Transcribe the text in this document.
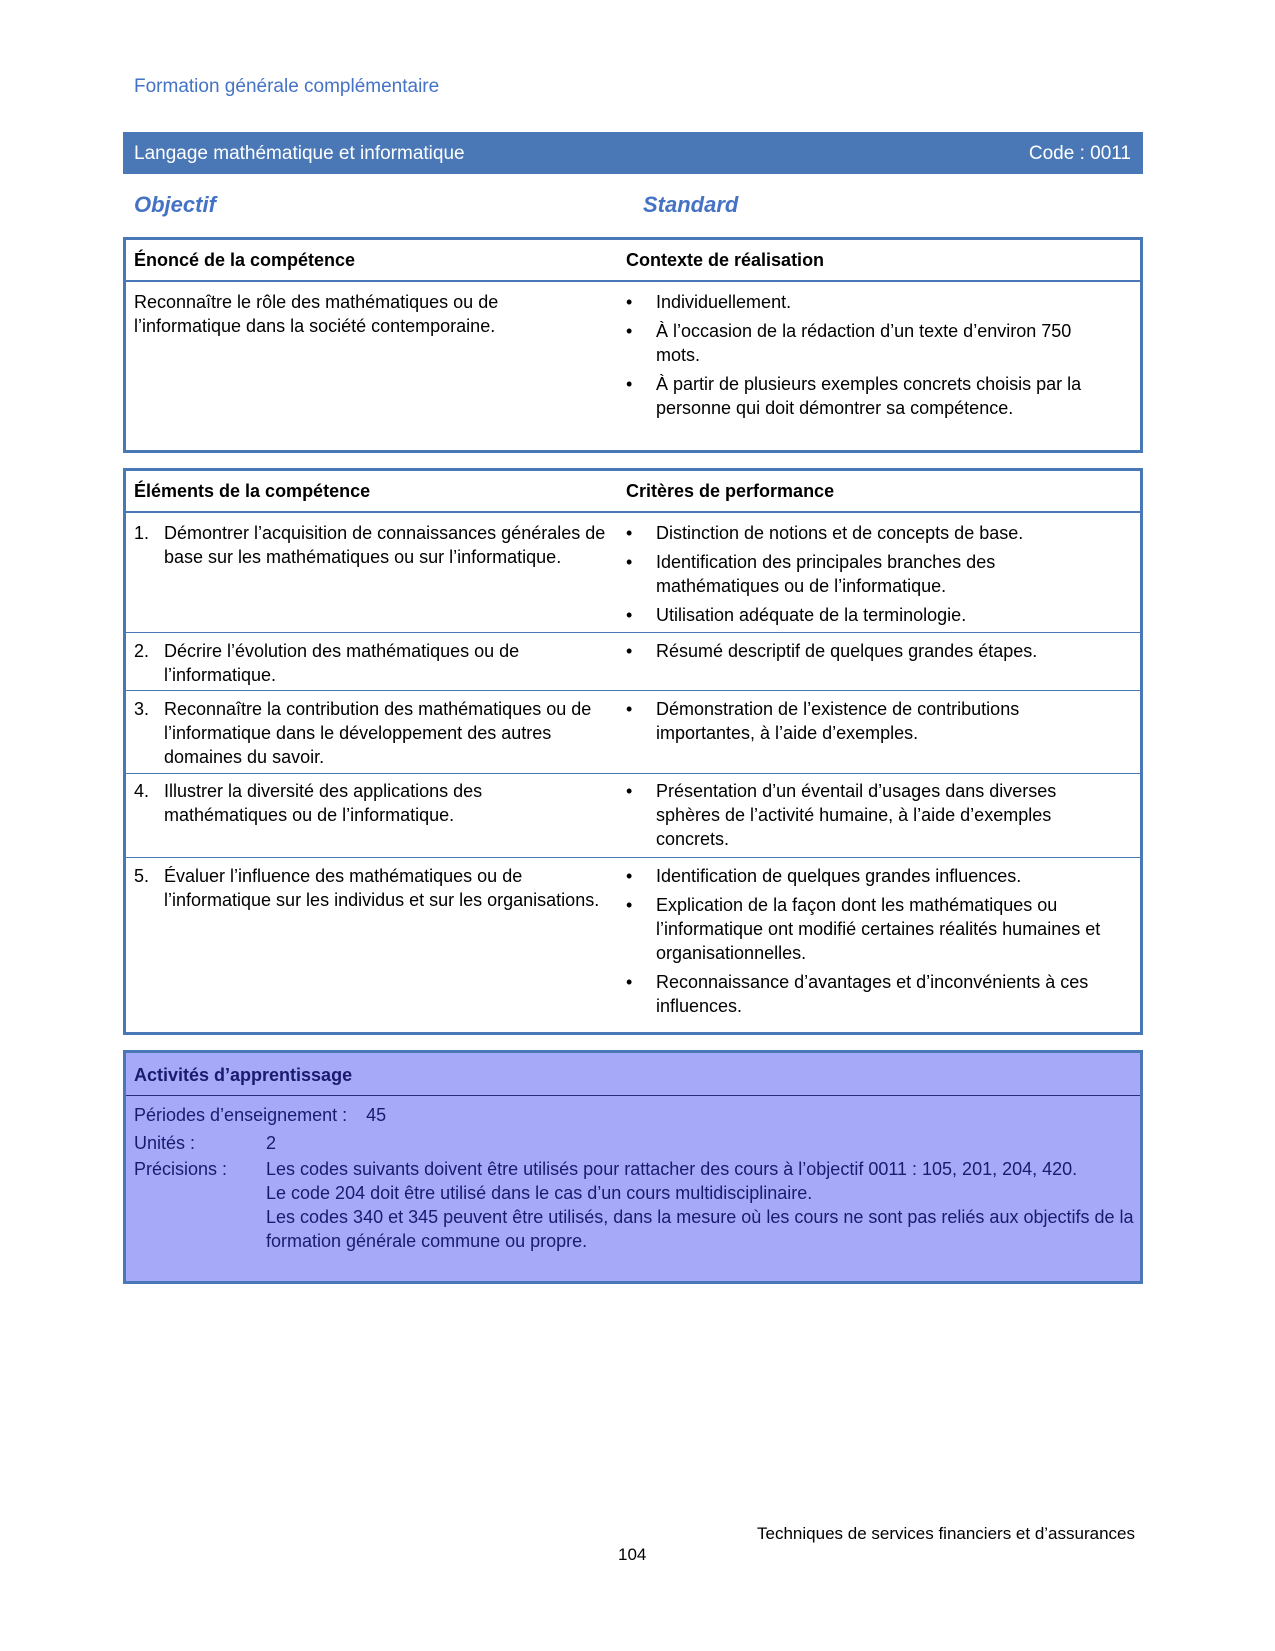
Formation générale complémentaire
Langage mathématique et informatique	Code : 0011
Objectif	Standard
Énoncé de la compétence	Contexte de réalisation
Reconnaître le rôle des mathématiques ou de l’informatique dans la société contemporaine.
• Individuellement.
• À l’occasion de la rédaction d’un texte d’environ 750 mots.
• À partir de plusieurs exemples concrets choisis par la personne qui doit démontrer sa compétence.
Éléments de la compétence	Critères de performance
1. Démontrer l’acquisition de connaissances générales de base sur les mathématiques ou sur l’informatique.
• Distinction de notions et de concepts de base.
• Identification des principales branches des mathématiques ou de l’informatique.
• Utilisation adéquate de la terminologie.
2. Décrire l’évolution des mathématiques ou de l’informatique.
• Résumé descriptif de quelques grandes étapes.
3. Reconnaître la contribution des mathématiques ou de l’informatique dans le développement des autres domaines du savoir.
• Démonstration de l’existence de contributions importantes, à l’aide d’exemples.
4. Illustrer la diversité des applications des mathématiques ou de l’informatique.
• Présentation d’un éventail d’usages dans diverses sphères de l’activité humaine, à l’aide d’exemples concrets.
5. Évaluer l’influence des mathématiques ou de l’informatique sur les individus et sur les organisations.
• Identification de quelques grandes influences.
• Explication de la façon dont les mathématiques ou l’informatique ont modifié certaines réalités humaines et organisationnelles.
• Reconnaissance d’avantages et d’inconvénients à ces influences.
Activités d’apprentissage
Périodes d’enseignement : 45
Unités :	2
Précisions : Les codes suivants doivent être utilisés pour rattacher des cours à l’objectif 0011 : 105, 201, 204, 420.
Le code 204 doit être utilisé dans le cas d’un cours multidisciplinaire.
Les codes 340 et 345 peuvent être utilisés, dans la mesure où les cours ne sont pas reliés aux objectifs de la formation générale commune ou propre.
Techniques de services financiers et d’assurances
104
